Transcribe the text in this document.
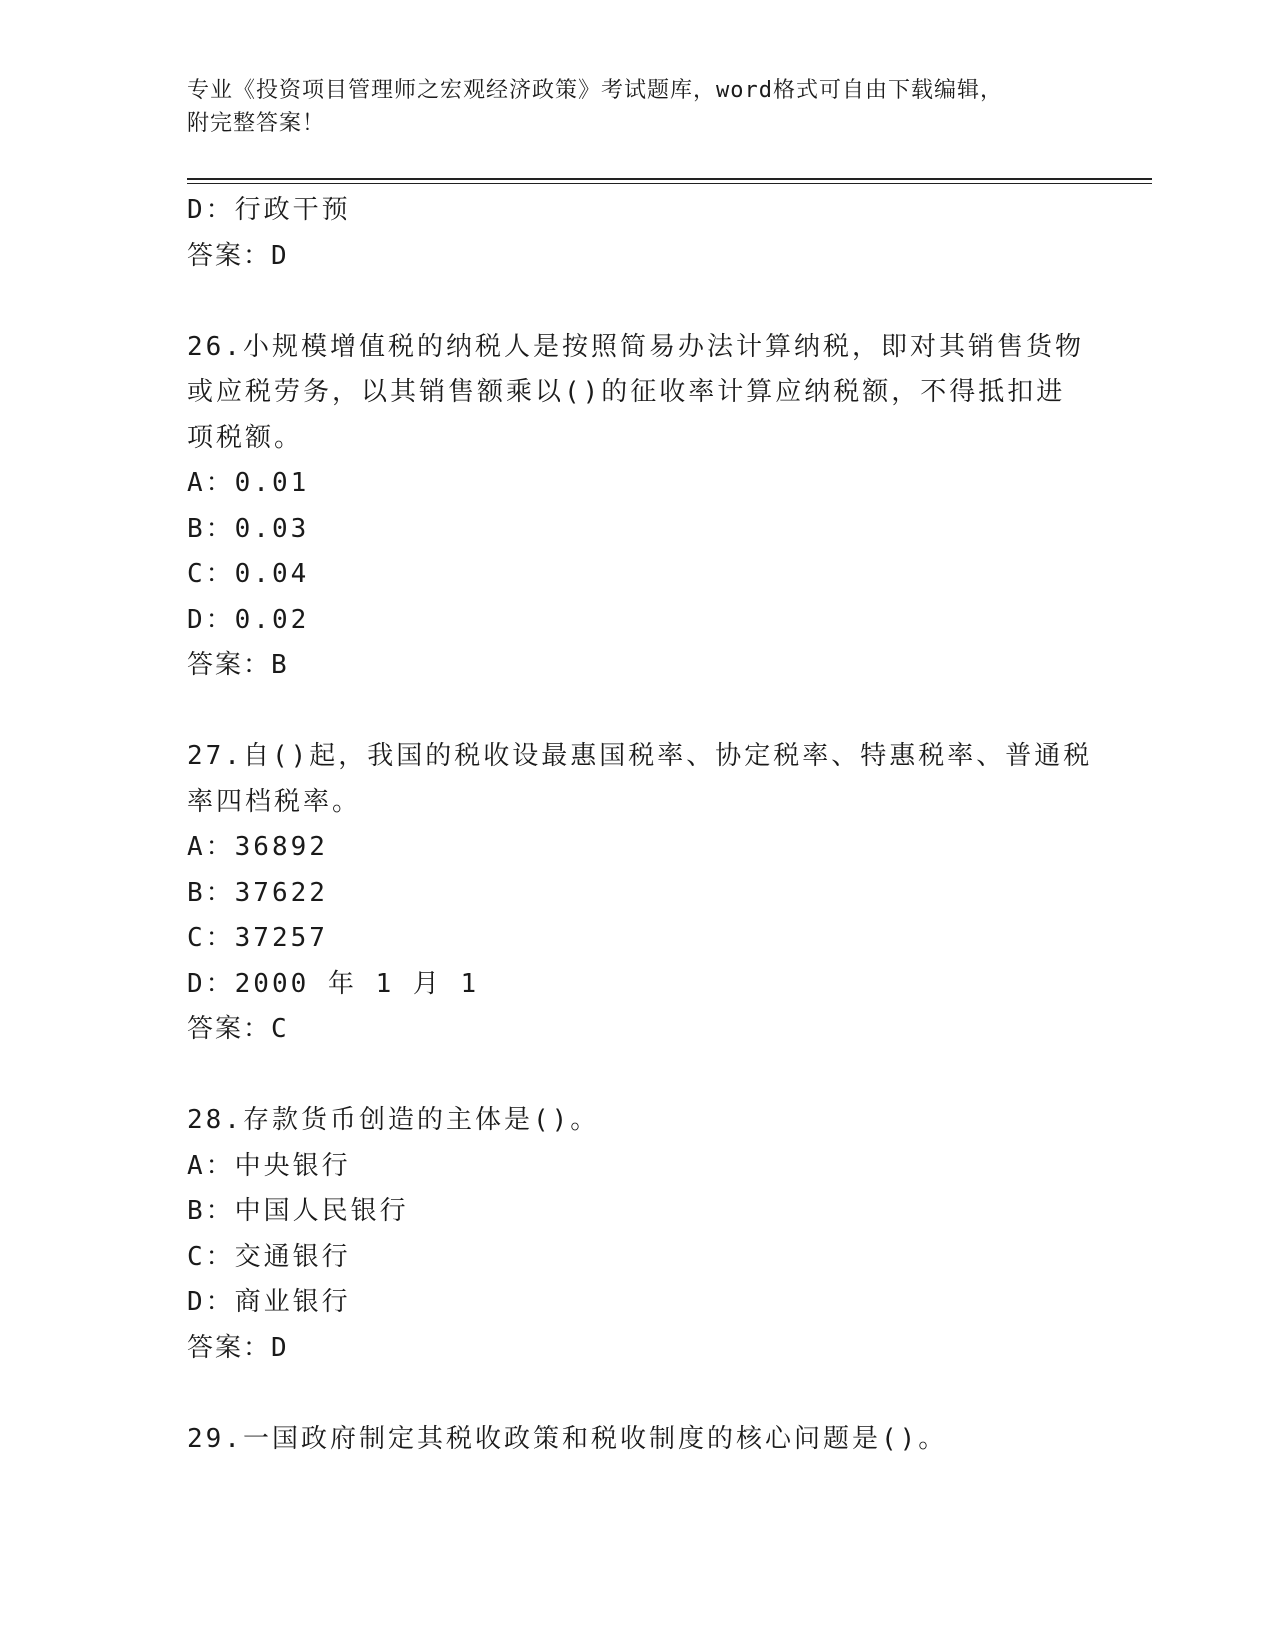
专业《投资项目管理师之宏观经济政策》考试题库，word格式可自由下载编辑，
附完整答案！

D：行政干预

答案：D

26.小规模增值税的纳税人是按照简易办法计算纳税，即对其销售货物

或应税劳务，以其销售额乘以()的征收率计算应纳税额，不得抵扣进

项税额。

A：0.01

B：0.03

C：0.04

D：0.02

答案：B

27.自()起，我国的税收设最惠国税率、协定税率、特惠税率、普通税

率四档税率。

A：36892

B：37622

C：37257

D：2000 年 1 月 1

答案：C

28.存款货币创造的主体是()。

A：中央银行

B：中国人民银行

C：交通银行

D：商业银行

答案：D

29.一国政府制定其税收政策和税收制度的核心问题是()。
